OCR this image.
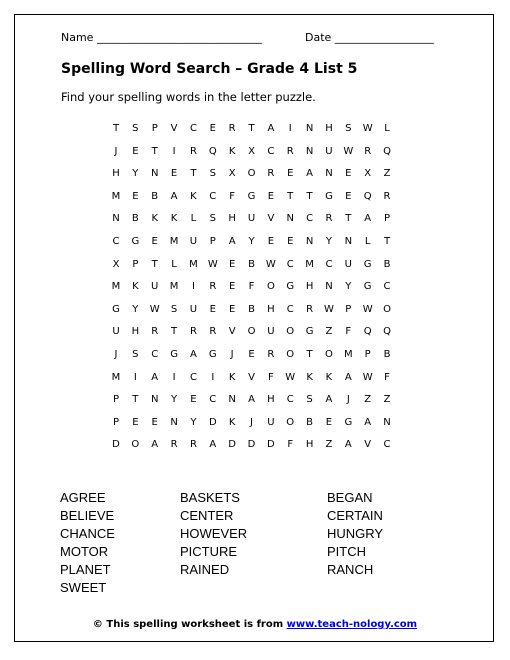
Name ______________________________	Date __________________
Spelling Word Search – Grade 4 List 5
Find your spelling words in the letter puzzle.
T	S	P	V	C	E	R	T	A	I	N	H	S	W	L
J	E	T	I	R	Q	K	X	C	R	N	U	W	R	Q
H	Y	N	E	T	S	X	O	R	E	A	N	E	X	Z
M	E	B	A	K	C	F	G	E	T	T	G	E	Q	R
N	B	K	K	L	S	H	U	V	N	C	R	T	A	P
C	G	E	M	U	P	A	Y	E	E	N	Y	N	L	T
X	P	T	L	M	W	E	B	W	C	M	C	U	G	B
M	K	U	M	I	R	E	F	O	G	H	N	Y	G	C
G	Y	W	S	U	E	E	B	H	C	R	W	P	W	O
U	H	R	T	R	R	V	O	U	O	G	Z	F	Q	Q
J	S	C	G	A	G	J	E	R	O	T	O	M	P	B
M	I	A	I	C	I	K	V	F	W	K	K	A	W	F
P	T	N	Y	E	C	N	A	H	C	S	A	J	Z	Z
P	E	E	N	Y	D	K	J	U	O	B	E	G	A	N
D	O	A	R	R	A	D	D	D	F	H	Z	A	V	C
AGREE
BELIEVE
CHANCE
MOTOR
PLANET
SWEET
BASKETS
CENTER
HOWEVER
PICTURE
RAINED
BEGAN
CERTAIN
HUNGRY
PITCH
RANCH
© This spelling worksheet is from www.teach-nology.com
